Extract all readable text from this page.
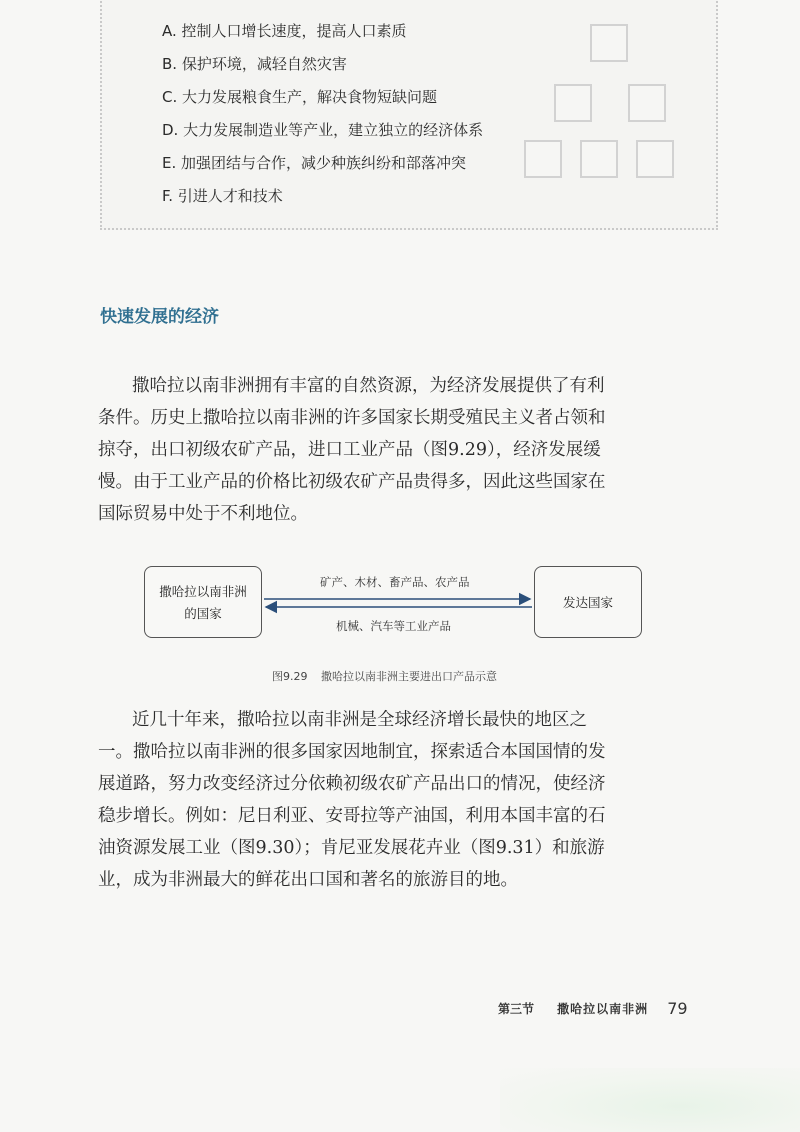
A. 控制人口增长速度，提高人口素质
B. 保护环境，减轻自然灾害
C. 大力发展粮食生产，解决食物短缺问题
D. 大力发展制造业等产业，建立独立的经济体系
E. 加强团结与合作，减少种族纠纷和部落冲突
F. 引进人才和技术
快速发展的经济

撒哈拉以南非洲拥有丰富的自然资源，为经济发展提供了有利条件。历史上撒哈拉以南非洲的许多国家长期受殖民主义者占领和掠夺，出口初级农矿产品，进口工业产品（图9.29），经济发展缓慢。由于工业产品的价格比初级农矿产品贵得多，因此这些国家在国际贸易中处于不利地位。

撒哈拉以南非洲
的国家
发达国家
矿产、木材、畜产品、农产品
机械、汽车等工业产品
图9.29 撒哈拉以南非洲主要进出口产品示意

近几十年来，撒哈拉以南非洲是全球经济增长最快的地区之一。撒哈拉以南非洲的很多国家因地制宜，探索适合本国国情的发展道路，努力改变经济过分依赖初级农矿产品出口的情况，使经济稳步增长。例如：尼日利亚、安哥拉等产油国，利用本国丰富的石油资源发展工业（图9.30）；肯尼亚发展花卉业（图9.31）和旅游业，成为非洲最大的鲜花出口国和著名的旅游目的地。

第三节 撒哈拉以南非洲 79
